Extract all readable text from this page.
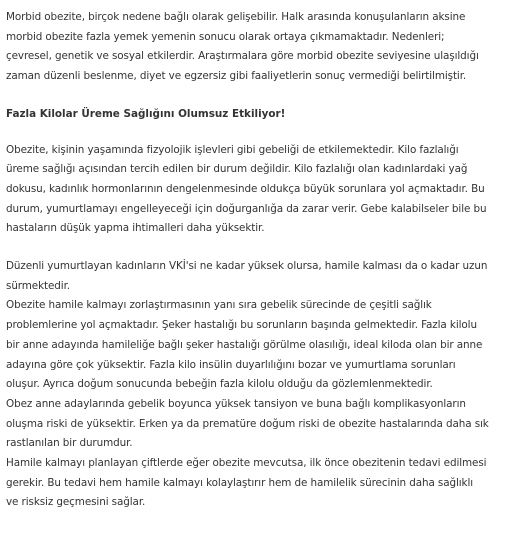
Morbid obezite, birçok nedene bağlı olarak gelişebilir. Halk arasında konuşulanların aksine
morbid obezite fazla yemek yemenin sonucu olarak ortaya çıkmamaktadır. Nedenleri;
çevresel, genetik ve sosyal etkilerdir. Araştırmalara göre morbid obezite seviyesine ulaşıldığı
zaman düzenli beslenme, diyet ve egzersiz gibi faaliyetlerin sonuç vermediği belirtilmiştir.

Fazla Kilolar Üreme Sağlığını Olumsuz Etkiliyor!

Obezite, kişinin yaşamında fizyolojik işlevleri gibi gebeliği de etkilemektedir. Kilo fazlalığı
üreme sağlığı açısından tercih edilen bir durum değildir. Kilo fazlalığı olan kadınlardaki yağ
dokusu, kadınlık hormonlarının dengelenmesinde oldukça büyük sorunlara yol açmaktadır. Bu
durum, yumurtlamayı engelleyeceği için doğurganlığa da zarar verir. Gebe kalabilseler bile bu
hastaların düşük yapma ihtimalleri daha yüksektir.

Düzenli yumurtlayan kadınların VKİ'si ne kadar yüksek olursa, hamile kalması da o kadar uzun
sürmektedir.
Obezite hamile kalmayı zorlaştırmasının yanı sıra gebelik sürecinde de çeşitli sağlık
problemlerine yol açmaktadır. Şeker hastalığı bu sorunların başında gelmektedir. Fazla kilolu
bir anne adayında hamileliğe bağlı şeker hastalığı görülme olasılığı, ideal kiloda olan bir anne
adayına göre çok yüksektir. Fazla kilo insülin duyarlılığını bozar ve yumurtlama sorunları
oluşur. Ayrıca doğum sonucunda bebeğin fazla kilolu olduğu da gözlemlenmektedir.
Obez anne adaylarında gebelik boyunca yüksek tansiyon ve buna bağlı komplikasyonların
oluşma riski de yüksektir. Erken ya da prematüre doğum riski de obezite hastalarında daha sık
rastlanılan bir durumdur.
Hamile kalmayı planlayan çiftlerde eğer obezite mevcutsa, ilk önce obezitenin tedavi edilmesi
gerekir. Bu tedavi hem hamile kalmayı kolaylaştırır hem de hamilelik sürecinin daha sağlıklı
ve risksiz geçmesini sağlar.
